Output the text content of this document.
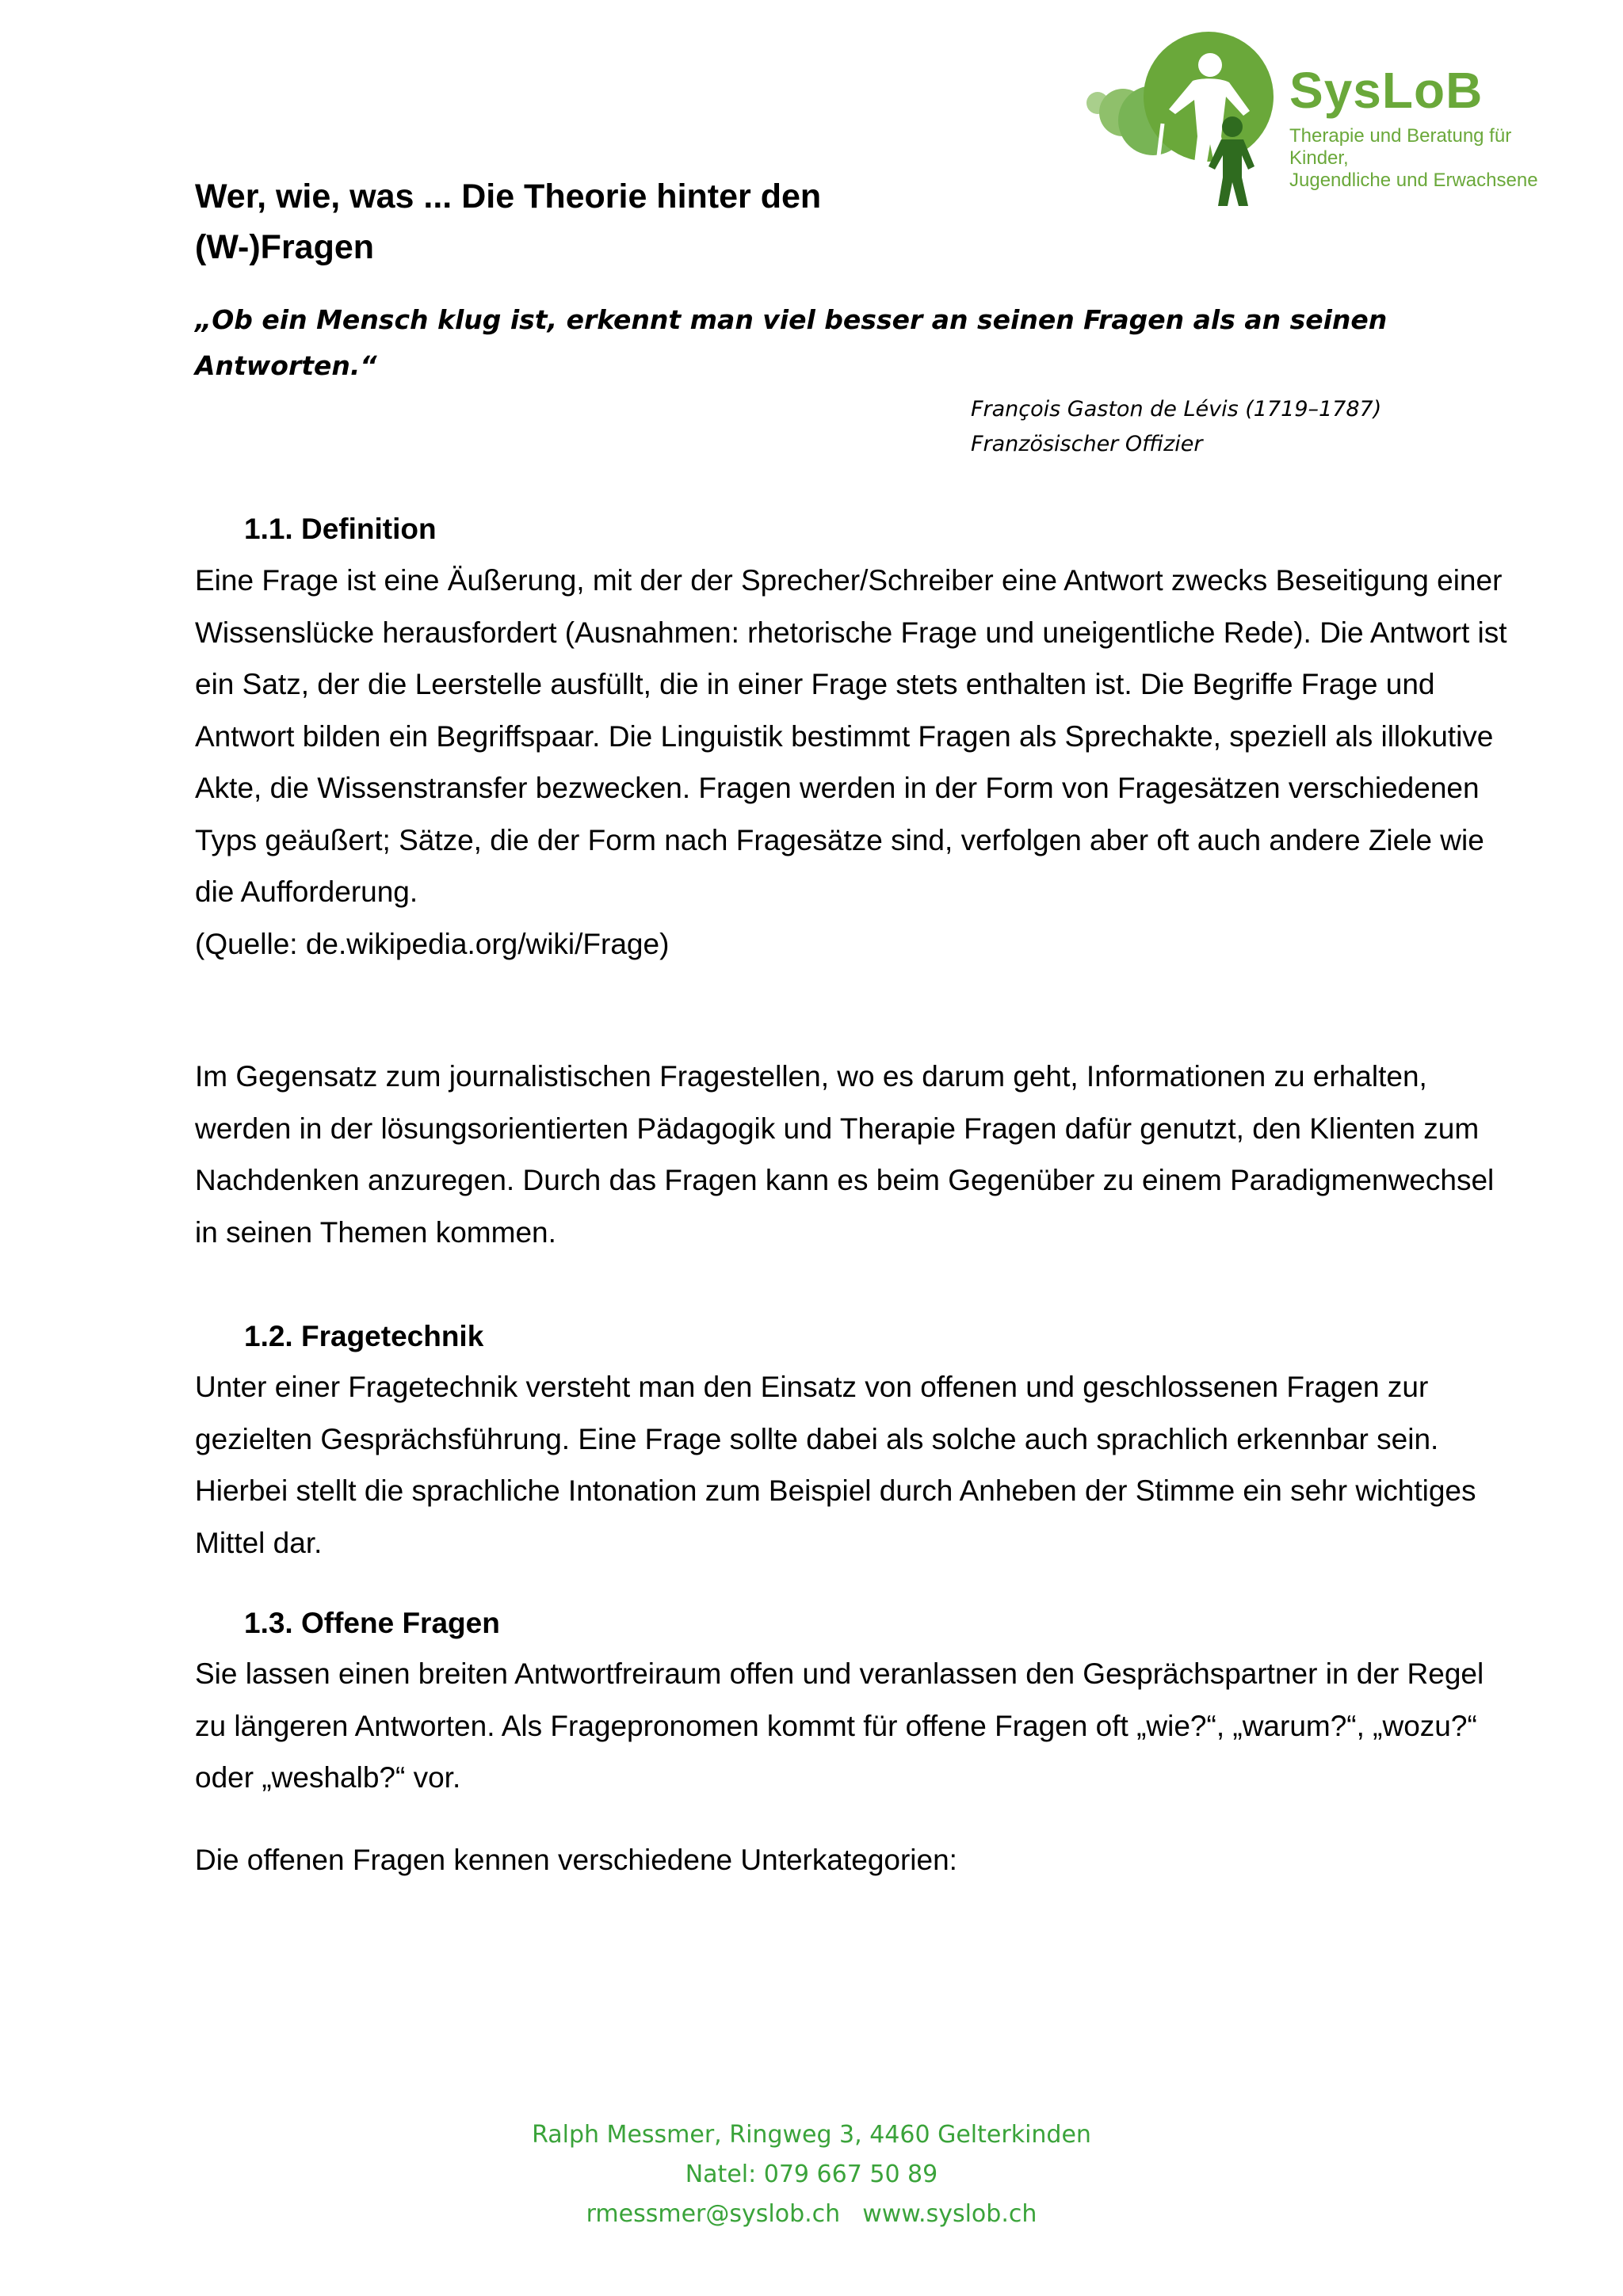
SysLoB
Therapie und Beratung für Kinder,
Jugendliche und Erwachsene
Wer, wie, was ... Die Theorie hinter den
(W-)Fragen

„Ob ein Mensch klug ist, erkennt man viel besser an seinen Fragen als an seinen Antworten.“

François Gaston de Lévis (1719–1787)
Französischer Offizier
1.1. Definition

Eine Frage ist eine Äußerung, mit der der Sprecher/Schreiber eine Antwort zwecks Beseitigung einer Wissenslücke herausfordert (Ausnahmen: rhetorische Frage und uneigentliche Rede). Die Antwort ist ein Satz, der die Leerstelle ausfüllt, die in einer Frage stets enthalten ist. Die Begriffe Frage und Antwort bilden ein Begriffspaar. Die Linguistik bestimmt Fragen als Sprechakte, speziell als illokutive Akte, die Wissenstransfer bezwecken. Fragen werden in der Form von Fragesätzen verschiedenen Typs geäußert; Sätze, die der Form nach Fragesätze sind, verfolgen aber oft auch andere Ziele wie die Aufforderung.
(Quelle: de.wikipedia.org/wiki/Frage)

Im Gegensatz zum journalistischen Fragestellen, wo es darum geht, Informationen zu erhalten, werden in der lösungsorientierten Pädagogik und Therapie Fragen dafür genutzt, den Klienten zum Nachdenken anzuregen. Durch das Fragen kann es beim Gegenüber zu einem Paradigmenwechsel in seinen Themen kommen.

1.2. Fragetechnik

Unter einer Fragetechnik versteht man den Einsatz von offenen und geschlossenen Fragen zur gezielten Gesprächsführung. Eine Frage sollte dabei als solche auch sprachlich erkennbar sein. Hierbei stellt die sprachliche Intonation zum Beispiel durch Anheben der Stimme ein sehr wichtiges Mittel dar.

1.3. Offene Fragen

Sie lassen einen breiten Antwortfreiraum offen und veranlassen den Gesprächspartner in der Regel zu längeren Antworten. Als Fragepronomen kommt für offene Fragen oft „wie?“, „warum?“, „wozu?“ oder „weshalb?“ vor.

Die offenen Fragen kennen verschiedene Unterkategorien:

Ralph Messmer, Ringweg 3, 4460 Gelterkinden
Natel: 079 667 50 89
rmessmer@syslob.ch www.syslob.ch
